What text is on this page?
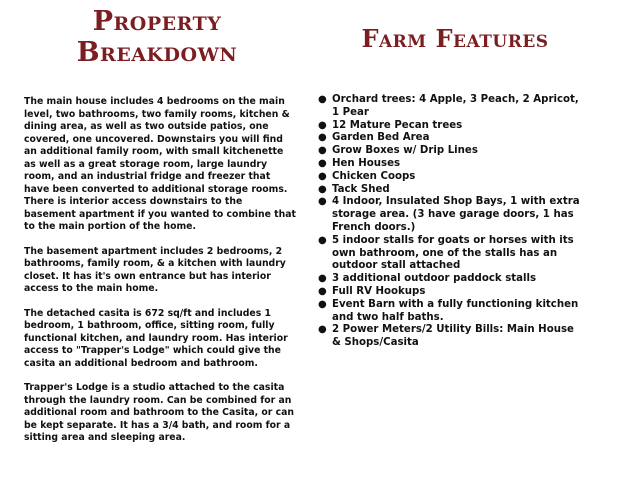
Property Breakdown	Farm Features

The main house includes 4 bedrooms on the main level, two bathrooms, two family rooms, kitchen & dining area, as well as two outside patios, one covered, one uncovered. Downstairs you will find an additional family room, with small kitchenette as well as a great storage room, large laundry room, and an industrial fridge and freezer that have been converted to additional storage rooms. There is interior access downstairs to the basement apartment if you wanted to combine that to the main portion of the home.

The basement apartment includes 2 bedrooms, 2 bathrooms, family room, & a kitchen with laundry closet. It has it's own entrance but has interior access to the main home.

The detached casita is 672 sq/ft and includes 1 bedroom, 1 bathroom, office, sitting room, fully functional kitchen, and laundry room. Has interior access to "Trapper's Lodge" which could give the casita an additional bedroom and bathroom.

Trapper's Lodge is a studio attached to the casita through the laundry room. Can be combined for an additional room and bathroom to the Casita, or can be kept separate. It has a 3/4 bath, and room for a sitting area and sleeping area.

● Orchard trees: 4 Apple, 3 Peach, 2 Apricot, 1 Pear
● 12 Mature Pecan trees
● Garden Bed Area
● Grow Boxes w/ Drip Lines
● Hen Houses
● Chicken Coops
● Tack Shed
● 4 Indoor, Insulated Shop Bays, 1 with extra storage area. (3 have garage doors, 1 has French doors.)
● 5 indoor stalls for goats or horses with its own bathroom, one of the stalls has an outdoor stall attached
● 3 additional outdoor paddock stalls
● Full RV Hookups
● Event Barn with a fully functioning kitchen and two half baths.
● 2 Power Meters/2 Utility Bills: Main House & Shops/Casita
